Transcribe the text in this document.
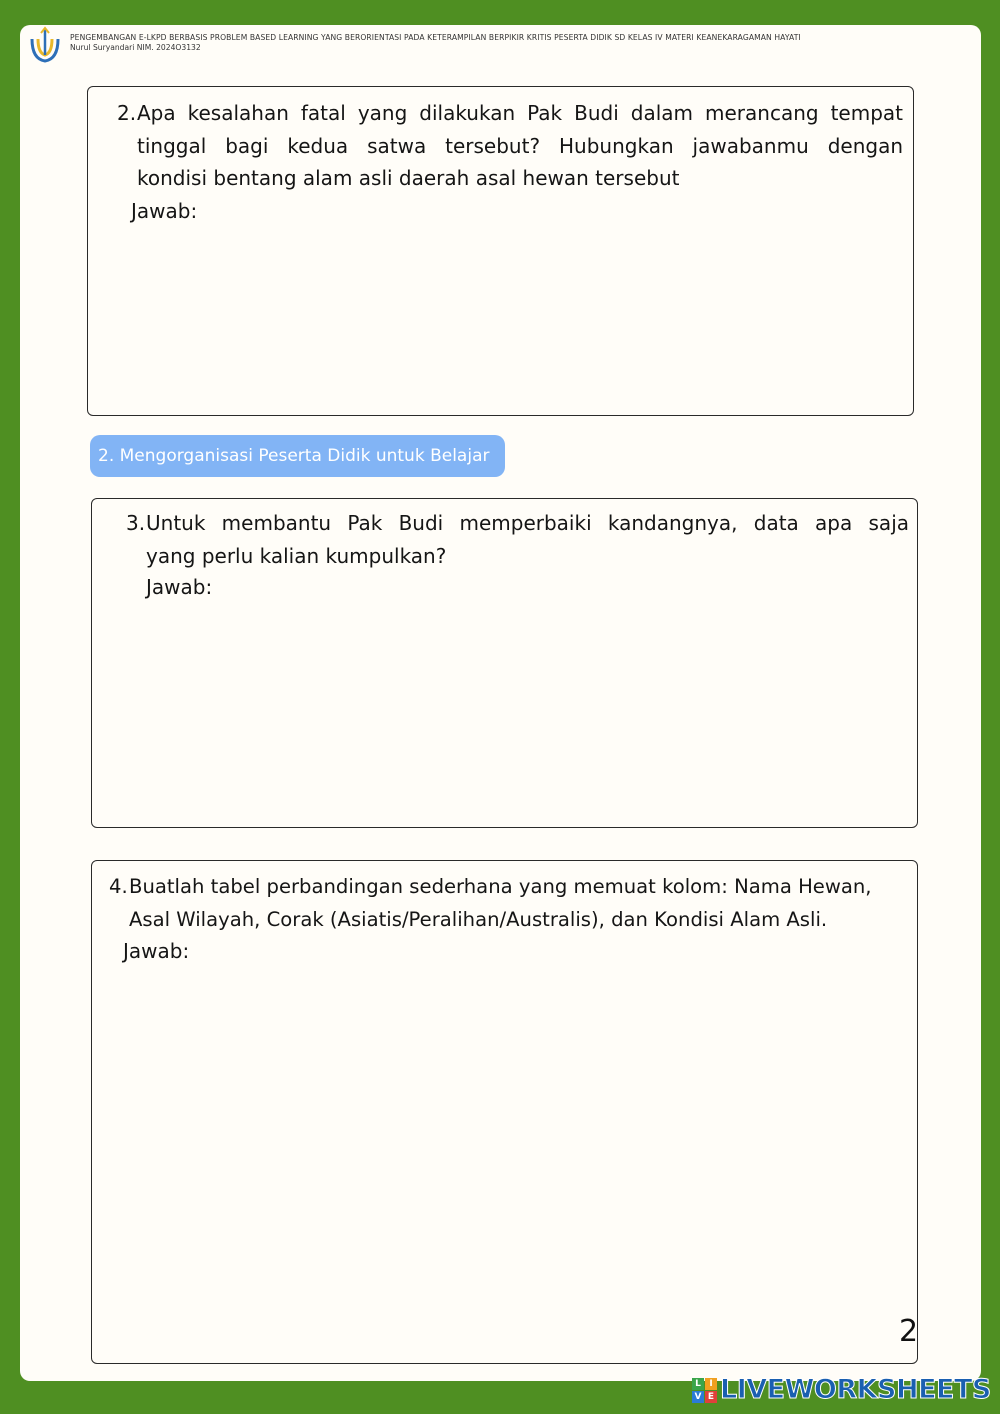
PENGEMBANGAN E-LKPD BERBASIS PROBLEM BASED LEARNING YANG BERORIENTASI PADA KETERAMPILAN BERPIKIR KRITIS PESERTA DIDIK SD KELAS IV MATERI KEANEKARAGAMAN HAYATI
Nurul Suryandari NIM. 2024O3132
2. Apa kesalahan fatal yang dilakukan Pak Budi dalam merancang tempat
tinggal bagi kedua satwa tersebut? Hubungkan jawabanmu dengan
kondisi bentang alam asli daerah asal hewan tersebut
Jawab:
2. Mengorganisasi Peserta Didik untuk Belajar
3. Untuk membantu Pak Budi memperbaiki kandangnya, data apa saja
yang perlu kalian kumpulkan?
Jawab:
4. Buatlah tabel perbandingan sederhana yang memuat kolom: Nama Hewan,
Asal Wilayah, Corak (Asiatis/Peralihan/Australis), dan Kondisi Alam Asli.
Jawab:
2
L I
V E LIVEWORKSHEETS
